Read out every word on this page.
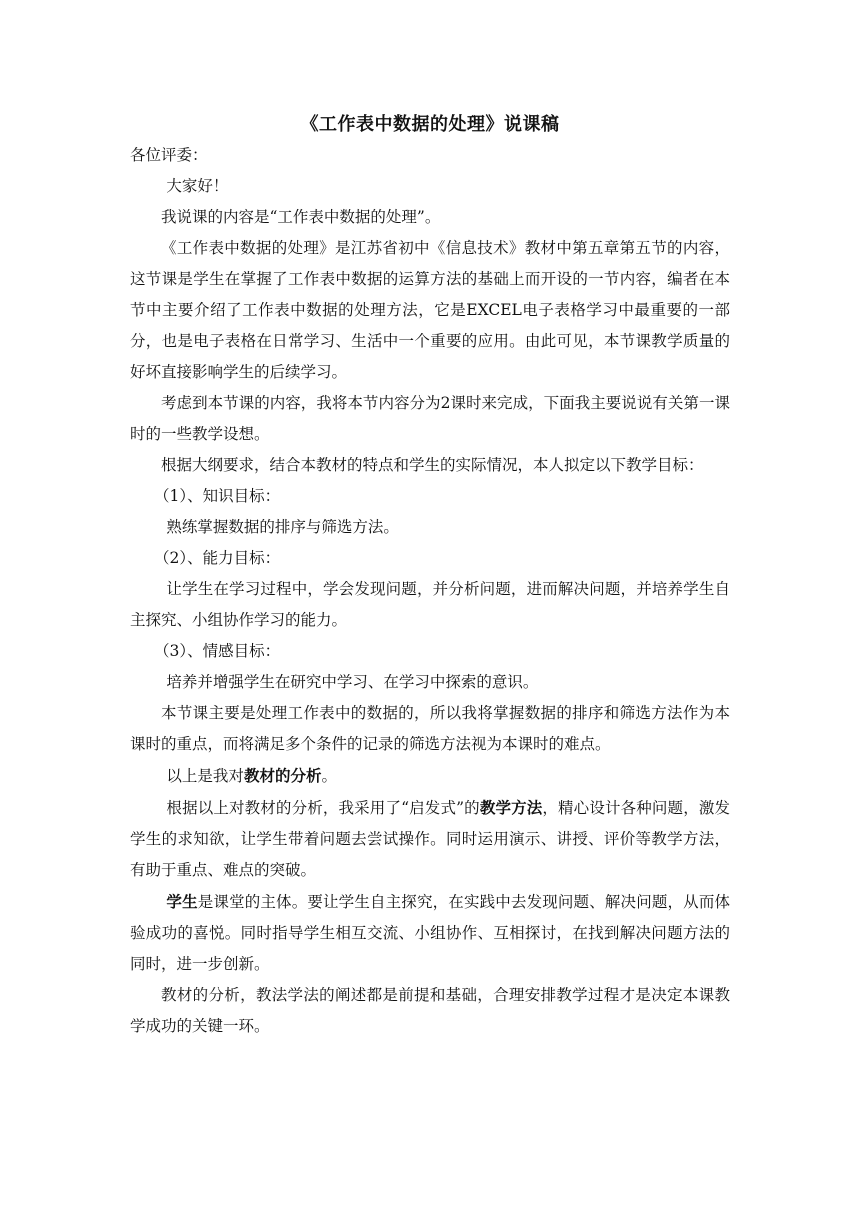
《工作表中数据的处理》说课稿

各位评委：

大家好！

我说课的内容是“工作表中数据的处理”。

《工作表中数据的处理》是江苏省初中《信息技术》教材中第五章第五节的内容，这节课是学生在掌握了工作表中数据的运算方法的基础上而开设的一节内容，编者在本节中主要介绍了工作表中数据的处理方法，它是EXCEL电子表格学习中最重要的一部分，也是电子表格在日常学习、生活中一个重要的应用。由此可见，本节课教学质量的好坏直接影响学生的后续学习。

考虑到本节课的内容，我将本节内容分为2课时来完成，下面我主要说说有关第一课时的一些教学设想。

根据大纲要求，结合本教材的特点和学生的实际情况，本人拟定以下教学目标：

（1）、知识目标：

熟练掌握数据的排序与筛选方法。

（2）、能力目标：

让学生在学习过程中，学会发现问题，并分析问题，进而解决问题，并培养学生自主探究、小组协作学习的能力。

（3）、情感目标：

培养并增强学生在研究中学习、在学习中探索的意识。

本节课主要是处理工作表中的数据的，所以我将掌握数据的排序和筛选方法作为本课时的重点，而将满足多个条件的记录的筛选方法视为本课时的难点。

以上是我对教材的分析。

根据以上对教材的分析，我采用了“启发式”的教学方法，精心设计各种问题，激发学生的求知欲，让学生带着问题去尝试操作。同时运用演示、讲授、评价等教学方法，有助于重点、难点的突破。

学生是课堂的主体。要让学生自主探究，在实践中去发现问题、解决问题，从而体验成功的喜悦。同时指导学生相互交流、小组协作、互相探讨，在找到解决问题方法的同时，进一步创新。

教材的分析，教法学法的阐述都是前提和基础，合理安排教学过程才是决定本课教学成功的关键一环。
